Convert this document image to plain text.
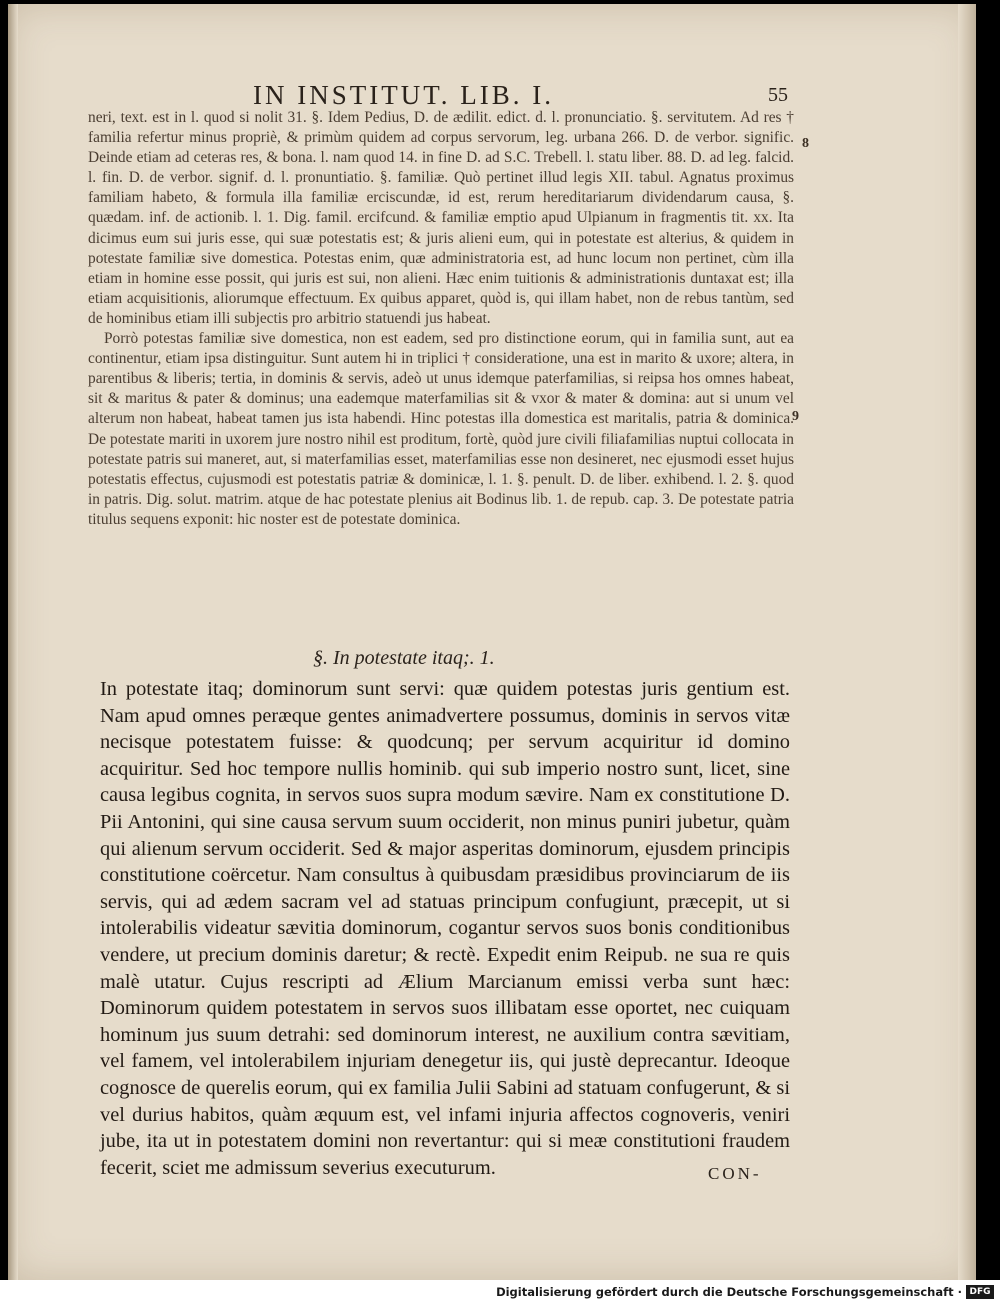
IN INSTITUT. LIB. I.	55

neri, text. est in l. quod si nolit 31. §. Idem Pedius, D. de ædilit. edict. d. l. pronunciatio. §. servitutem. Ad res † familia refertur minus propriè, & primùm quidem ad corpus servorum, leg. urbana 266. D. de verbor. signific. Deinde etiam ad ceteras res, & bona. l. nam quod 14. in fine D. ad S.C. Trebell. l. statu liber. 88. D. ad leg. falcid. l. fin. D. de verbor. signif. d. l. pronuntiatio. §. familiæ. Quò pertinet illud legis XII. tabul. Agnatus proximus familiam habeto, & formula illa familiæ erciscundæ, id est, rerum hereditariarum dividendarum causa, §. quædam. inf. de actionib. l. 1. Dig. famil. ercifcund. & familiæ emptio apud Ulpianum in fragmentis tit. xx. Ita dicimus eum sui juris esse, qui suæ potestatis est; & juris alieni eum, qui in potestate est alterius, & quidem in potestate familiæ sive domestica. Potestas enim, quæ administratoria est, ad hunc locum non pertinet, cùm illa etiam in homine esse possit, qui juris est sui, non alieni. Hæc enim tuitionis & administrationis duntaxat est; illa etiam acquisitionis, aliorumque effectuum. Ex quibus apparet, quòd is, qui illam habet, non de rebus tantùm, sed de hominibus etiam illi subjectis pro arbitrio statuendi jus habeat.

Porrò potestas familiæ sive domestica, non est eadem, sed pro distinctione eorum, qui in familia sunt, aut ea continentur, etiam ipsa distinguitur. Sunt autem hi in triplici † consideratione, una est in marito & uxore; altera, in parentibus & liberis; tertia, in dominis & servis, adeò ut unus idemque paterfamilias, si reipsa hos omnes habeat, sit & maritus & pater & dominus; una eademque materfamilias sit & vxor & mater & domina: aut si unum vel alterum non habeat, habeat tamen jus ista habendi. Hinc potestas illa domestica est maritalis, patria & dominica. De potestate mariti in uxorem jure nostro nihil est proditum, fortè, quòd jure civili filiafamilias nuptui collocata in potestate patris sui maneret, aut, si materfamilias esset, materfamilias esse non desineret, nec ejusmodi esset hujus potestatis effectus, cujusmodi est potestatis patriæ & dominicæ, l. 1. §. penult. D. de liber. exhibend. l. 2. §. quod in patris. Dig. solut. matrim. atque de hac potestate plenius ait Bodinus lib. 1. de repub. cap. 3. De potestate patria titulus sequens exponit: hic noster est de potestate dominica.

8
9
§. In potestate itaq;. 1.

In potestate itaq; dominorum sunt servi: quæ quidem potestas juris gentium est. Nam apud omnes peræque gentes animadvertere possumus, dominis in servos vitæ necisque potestatem fuisse: & quodcunq; per servum acquiritur id domino acquiritur. Sed hoc tempore nullis hominib. qui sub imperio nostro sunt, licet, sine causa legibus cognita, in servos suos supra modum sævire. Nam ex constitutione D. Pii Antonini, qui sine causa servum suum occiderit, non minus puniri jubetur, quàm qui alienum servum occiderit. Sed & major asperitas dominorum, ejusdem principis constitutione coërcetur. Nam consultus à quibusdam præsidibus provinciarum de iis servis, qui ad ædem sacram vel ad statuas principum confugiunt, præcepit, ut si intolerabilis videatur sævitia dominorum, cogantur servos suos bonis conditionibus vendere, ut precium dominis daretur; & rectè. Expedit enim Reipub. ne sua re quis malè utatur. Cujus rescripti ad Ælium Marcianum emissi verba sunt hæc: Dominorum quidem potestatem in servos suos illibatam esse oportet, nec cuiquam hominum jus suum detrahi: sed dominorum interest, ne auxilium contra sævitiam, vel famem, vel intolerabilem injuriam denegetur iis, qui justè deprecantur. Ideoque cognosce de querelis eorum, qui ex familia Julii Sabini ad statuam confugerunt, & si vel durius habitos, quàm æquum est, vel infami injuria affectos cognoveris, veniri jube, ita ut in potestatem domini non revertantur: qui si meæ constitutioni fraudem fecerit, sciet me admissum severius executurum.	CON-
Digitalisierung gefördert durch die Deutsche Forschungsgemeinschaft · DFG
